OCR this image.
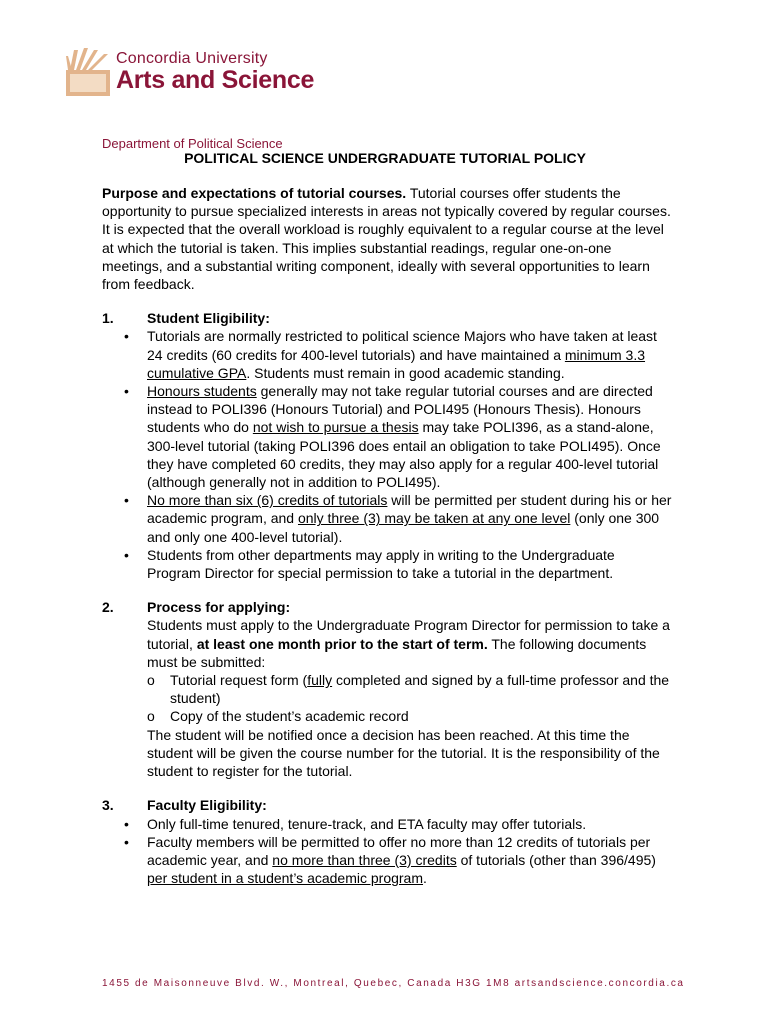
Concordia University
Arts and Science
Department of Political Science
POLITICAL SCIENCE UNDERGRADUATE TUTORIAL POLICY

Purpose and expectations of tutorial courses. Tutorial courses offer students the opportunity to pursue specialized interests in areas not typically covered by regular courses. It is expected that the overall workload is roughly equivalent to a regular course at the level at which the tutorial is taken. This implies substantial readings, regular one-on-one meetings, and a substantial writing component, ideally with several opportunities to learn from feedback.

1.	Student Eligibility:
• Tutorials are normally restricted to political science Majors who have taken at least 24 credits (60 credits for 400-level tutorials) and have maintained a minimum 3.3 cumulative GPA. Students must remain in good academic standing.
• Honours students generally may not take regular tutorial courses and are directed instead to POLI396 (Honours Tutorial) and POLI495 (Honours Thesis). Honours students who do not wish to pursue a thesis may take POLI396, as a stand-alone, 300-level tutorial (taking POLI396 does entail an obligation to take POLI495). Once they have completed 60 credits, they may also apply for a regular 400-level tutorial (although generally not in addition to POLI495).
• No more than six (6) credits of tutorials will be permitted per student during his or her academic program, and only three (3) may be taken at any one level (only one 300 and only one 400-level tutorial).
• Students from other departments may apply in writing to the Undergraduate Program Director for special permission to take a tutorial in the department.
2.	Process for applying:
Students must apply to the Undergraduate Program Director for permission to take a tutorial, at least one month prior to the start of term. The following documents must be submitted:
o Tutorial request form (fully completed and signed by a full-time professor and the student)
o Copy of the student’s academic record
The student will be notified once a decision has been reached. At this time the student will be given the course number for the tutorial. It is the responsibility of the student to register for the tutorial.
3.	Faculty Eligibility:
• Only full-time tenured, tenure-track, and ETA faculty may offer tutorials.
• Faculty members will be permitted to offer no more than 12 credits of tutorials per academic year, and no more than three (3) credits of tutorials (other than 396/495) per student in a student’s academic program.
1455 de Maisonneuve Blvd. W., Montreal, Quebec, Canada H3G 1M8 artsandscience.concordia.ca
